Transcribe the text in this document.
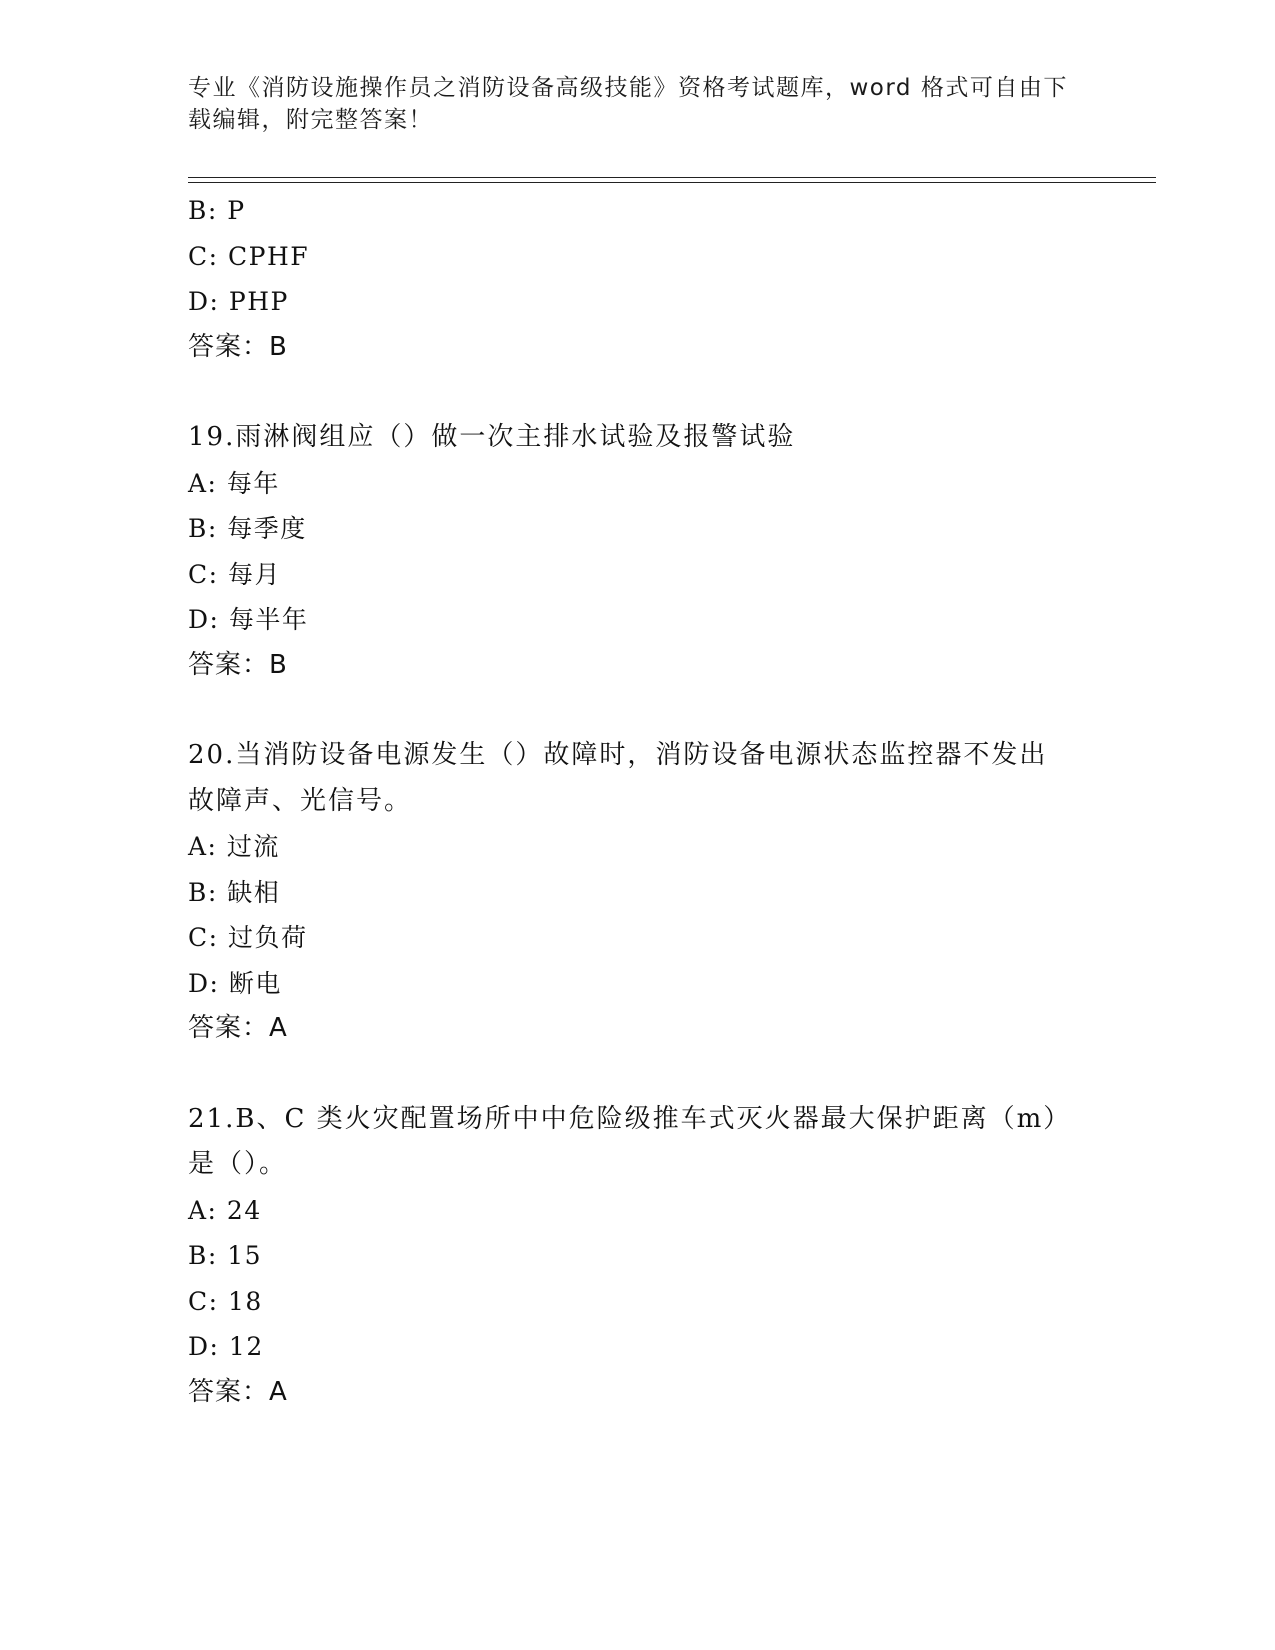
专业《消防设施操作员之消防设备高级技能》资格考试题库，word 格式可自由下
载编辑，附完整答案！
B: P
C: CPHF
D: PHP
答案：B
19.雨淋阀组应（）做一次主排水试验及报警试验
A: 每年
B: 每季度
C: 每月
D: 每半年
答案：B
20.当消防设备电源发生（）故障时，消防设备电源状态监控器不发出
故障声、光信号。
A: 过流
B: 缺相
C: 过负荷
D: 断电
答案：A
21.B、C 类火灾配置场所中中危险级推车式灭火器最大保护距离（m）
是（）。
A: 24
B: 15
C: 18
D: 12
答案：A
